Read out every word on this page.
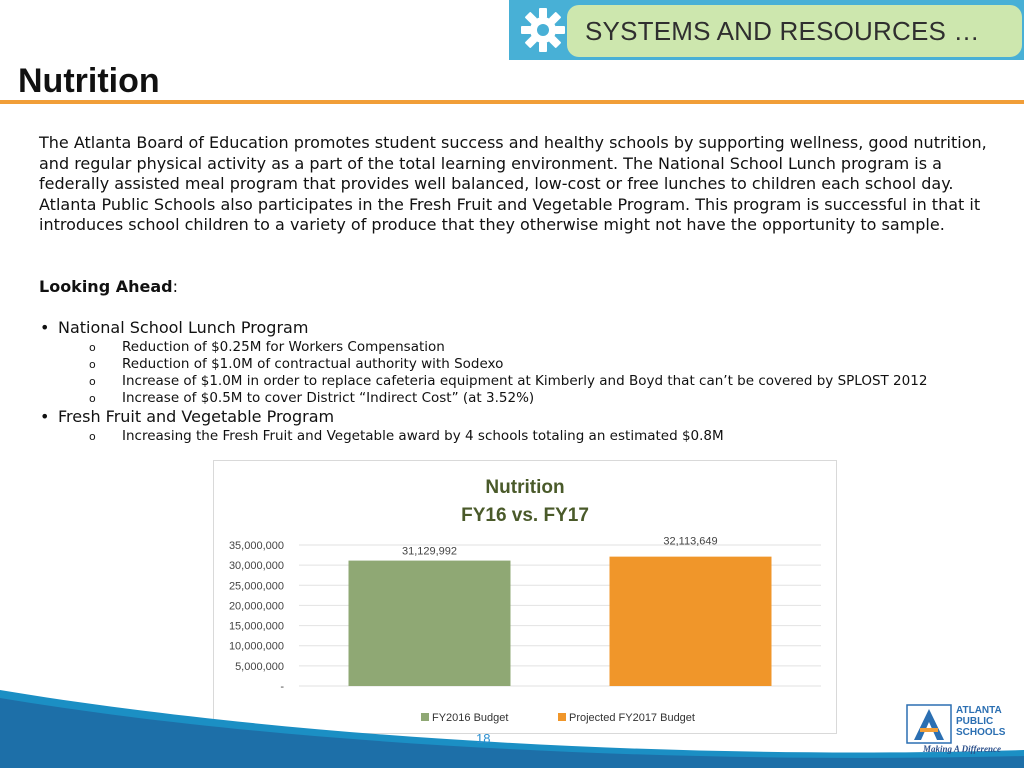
SYSTEMS AND RESOURCES …
Nutrition
The Atlanta Board of Education promotes student success and healthy schools by supporting wellness, good nutrition, and regular physical activity as a part of the total learning environment. The National School Lunch program is a federally assisted meal program that provides well balanced, low-cost or free lunches to children each school day. Atlanta Public Schools also participates in the Fresh Fruit and Vegetable Program. This program is successful in that it introduces school children to a variety of produce that they otherwise might not have the opportunity to sample.
Looking Ahead:
• National School Lunch Program
o Reduction of $0.25M for Workers Compensation
o Reduction of $1.0M of contractual authority with Sodexo
o Increase of $1.0M in order to replace cafeteria equipment at Kimberly and Boyd that can’t be covered by SPLOST 2012
o Increase of $0.5M to cover District “Indirect Cost” (at 3.52%)
• Fresh Fruit and Vegetable Program
o Increasing the Fresh Fruit and Vegetable award by 4 schools totaling an estimated $0.8M
Nutrition
FY16 vs. FY17
35,000,000
30,000,000
25,000,000
20,000,000
15,000,000
10,000,000
5,000,000
-
31,129,992
32,113,649
FY2016 Budget	Projected FY2017 Budget
18
ATLANTA
PUBLIC
SCHOOLS
Making A Difference
